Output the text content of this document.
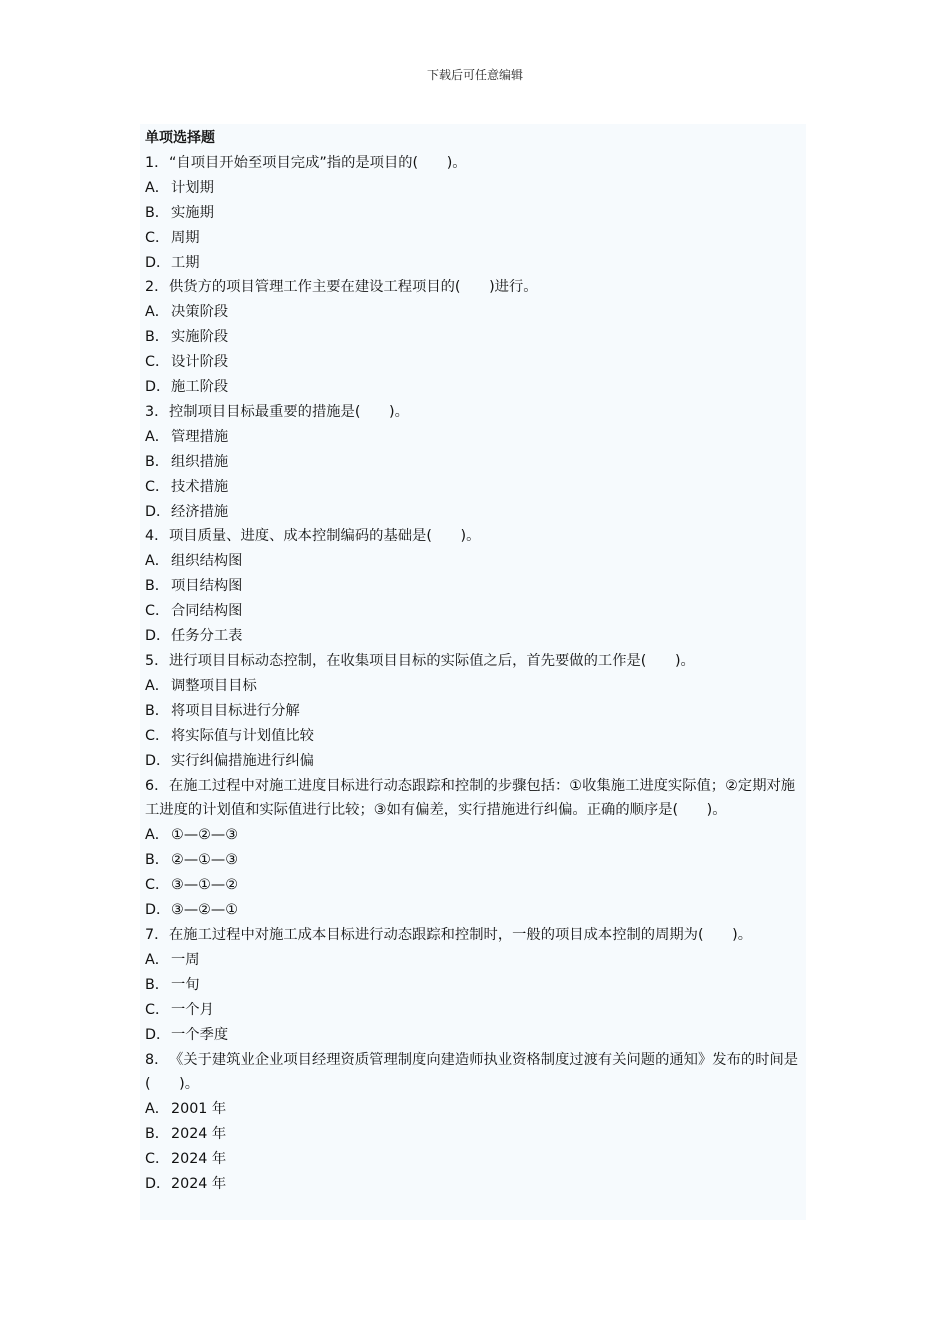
下载后可任意编辑
单项选择题
1．“自项目开始至项目完成”指的是项目的(　　)。
A． 计划期
B． 实施期
C． 周期
D．工期
2．供货方的项目管理工作主要在建设工程项目的(　　)进行。
A． 决策阶段
B． 实施阶段
C． 设计阶段
D．施工阶段
3．控制项目目标最重要的措施是(　　)。
A． 管理措施
B． 组织措施
C． 技术措施
D．经济措施
4．项目质量、进度、成本控制编码的基础是(　　)。
A． 组织结构图
B． 项目结构图
C． 合同结构图
D．任务分工表
5．进行项目目标动态控制，在收集项目目标的实际值之后，首先要做的工作是(　　)。
A． 调整项目目标
B． 将项目目标进行分解
C． 将实际值与计划值比较
D．实行纠偏措施进行纠偏
6．在施工过程中对施工进度目标进行动态跟踪和控制的步骤包括：①收集施工进度实际值；②定期对施工进度的计划值和实际值进行比较；③如有偏差，实行措施进行纠偏。正确的顺序是(　　)。
A． ①—②—③
B． ②—①—③
C． ③—①—②
D．③—②—①
7．在施工过程中对施工成本目标进行动态跟踪和控制时，一般的项目成本控制的周期为(　　)。
A． 一周
B． 一旬
C． 一个月
D．一个季度
8．《关于建筑业企业项目经理资质管理制度向建造师执业资格制度过渡有关问题的通知》发布的时间是(　　)。
A． 2001 年
B． 2024 年
C． 2024 年
D．2024 年
